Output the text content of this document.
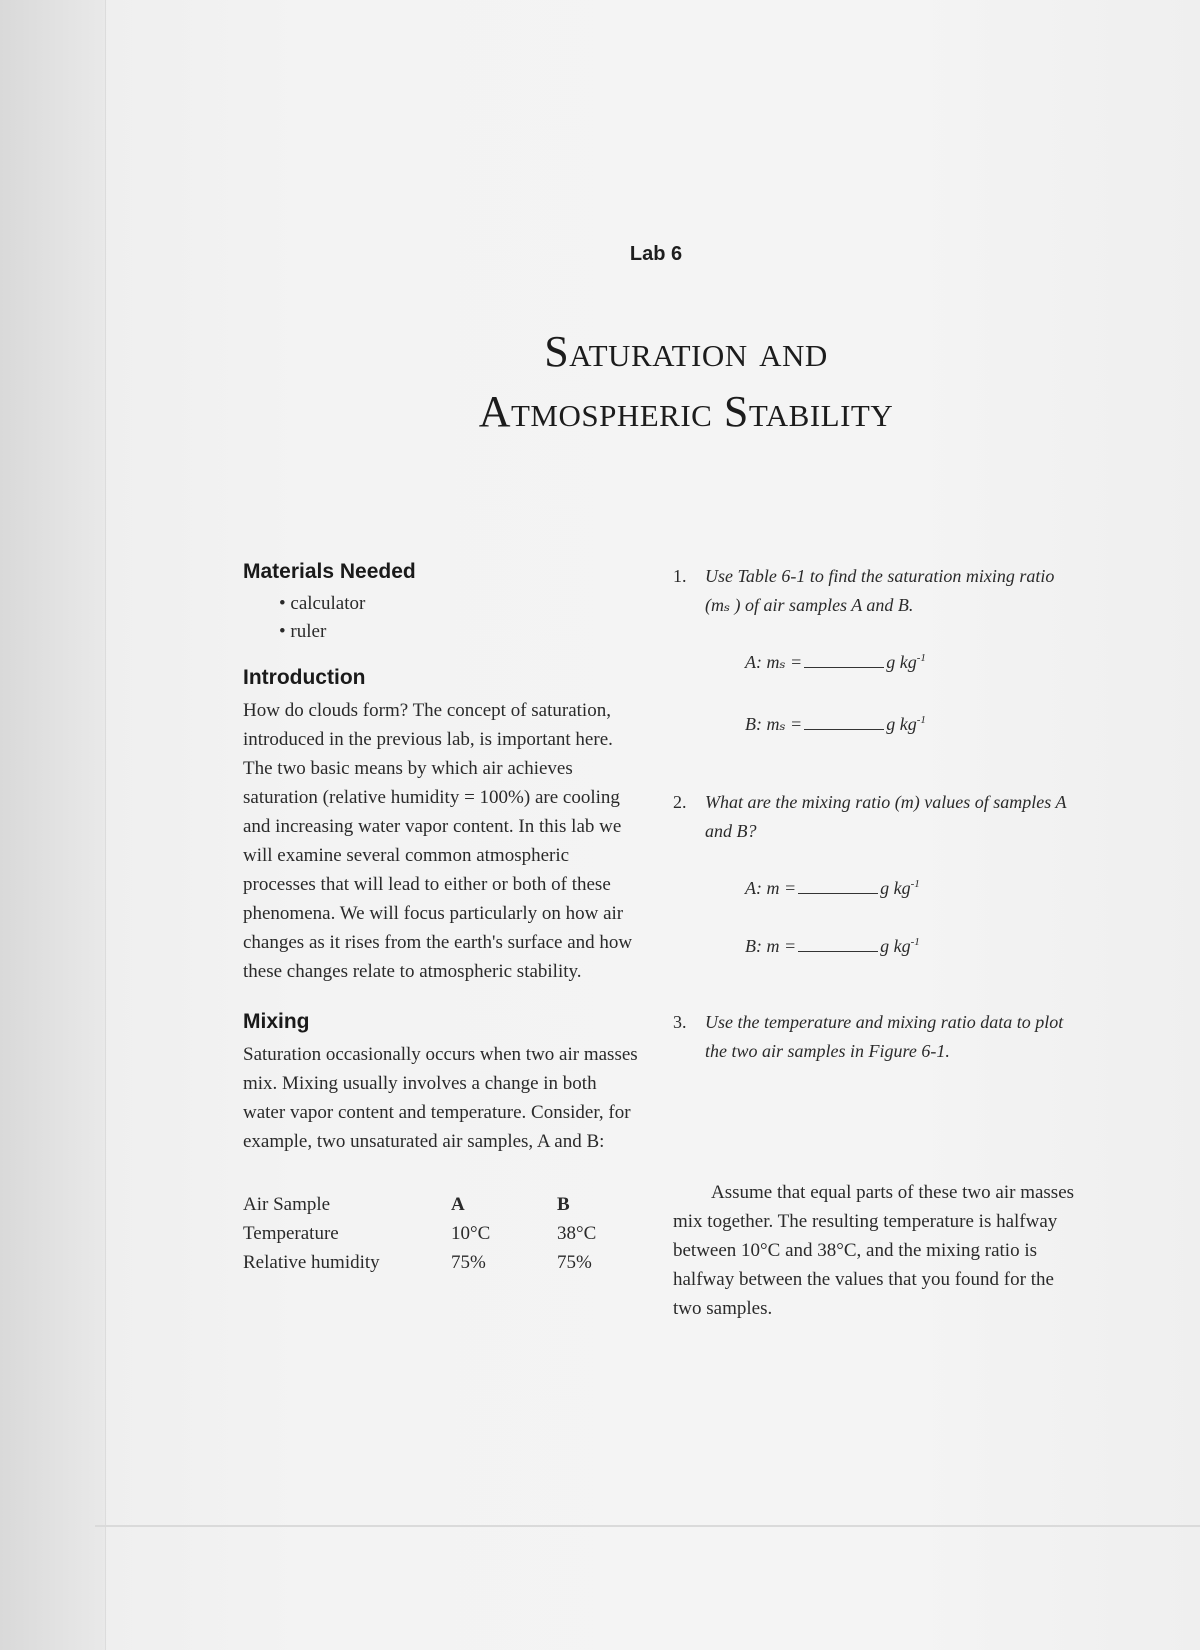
Lab 6
Saturation and
Atmospheric Stability
Materials Needed
• calculator
• ruler
Introduction

How do clouds form? The concept of saturation, introduced in the previous lab, is important here. The two basic means by which air achieves saturation (relative humidity = 100%) are cooling and increasing water vapor content. In this lab we will examine several common atmospheric processes that will lead to either or both of these phenomena. We will focus particularly on how air changes as it rises from the earth's surface and how these changes relate to atmospheric stability.

Mixing

Saturation occasionally occurs when two air masses mix. Mixing usually involves a change in both water vapor content and temperature. Consider, for example, two unsaturated air samples, A and B:

Air Sample	A	B
Temperature	10°C	38°C
Relative humidity	75%	75%
1. Use Table 6-1 to find the saturation mixing ratio (mₛ ) of air samples A and B.
A: mₛ =	g $kg^{-1}$
B: mₛ =	g $kg^{-1}$
2. What are the mixing ratio (m) values of samples A and B?
A: m =	g $kg^{-1}$
B: m =	g $kg^{-1}$
3. Use the temperature and mixing ratio data to plot the two air samples in Figure 6-1.

Assume that equal parts of these two air masses mix together. The resulting temperature is halfway between 10°C and 38°C, and the mixing ratio is halfway between the values that you found for the two samples.
